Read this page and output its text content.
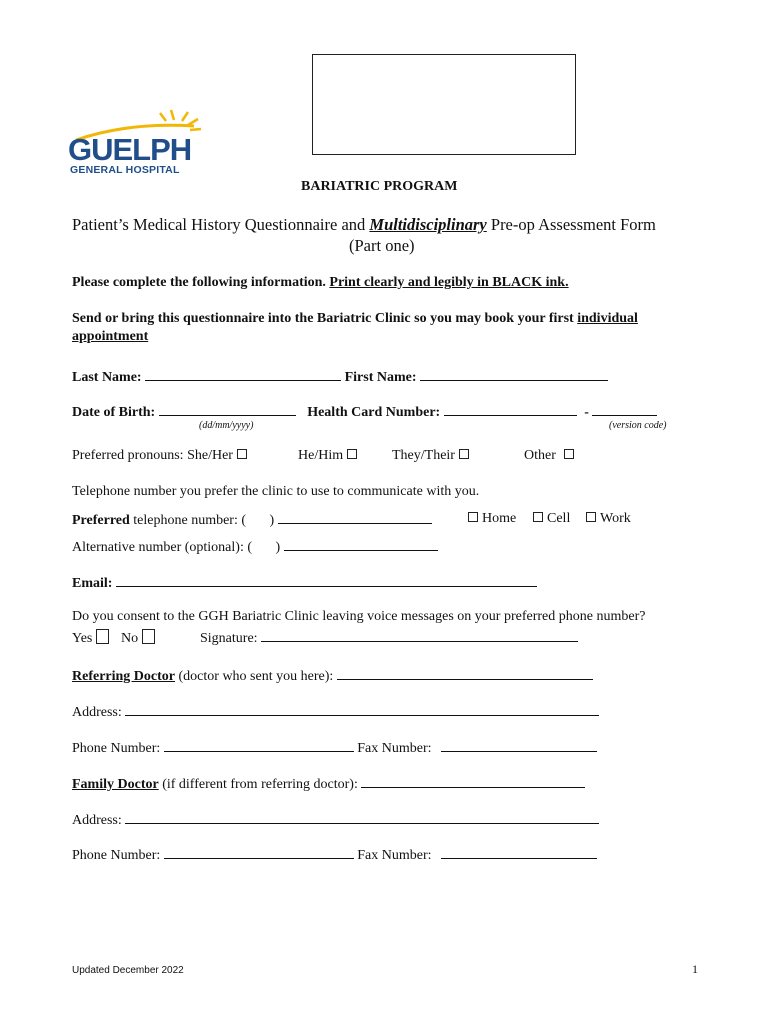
GUELPH
GENERAL HOSPITAL
BARIATRIC PROGRAM
Patient’s Medical History Questionnaire and Multidisciplinary Pre-op Assessment Form
(Part one)
Please complete the following information. Print clearly and legibly in BLACK ink.
Send or bring this questionnaire into the Bariatric Clinic so you may book your first individual
appointment
Last Name:	First Name:
Date of Birth:	Health Card Number:	-
(dd/mm/yyyy)	(version code)
Preferred pronouns: She/Her	He/Him	They/Their	Other
Telephone number you prefer the clinic to use to communicate with you.
Preferred telephone number: ( )	Home	Cell	Work
Alternative number (optional): ( )
Email:
Do you consent to the GGH Bariatric Clinic leaving voice messages on your preferred phone number?
Yes	No	Signature:
Referring Doctor (doctor who sent you here):
Address:
Phone Number:	Fax Number:
Family Doctor (if different from referring doctor):
Address:
Phone Number:	Fax Number:
Updated December 2022	1
